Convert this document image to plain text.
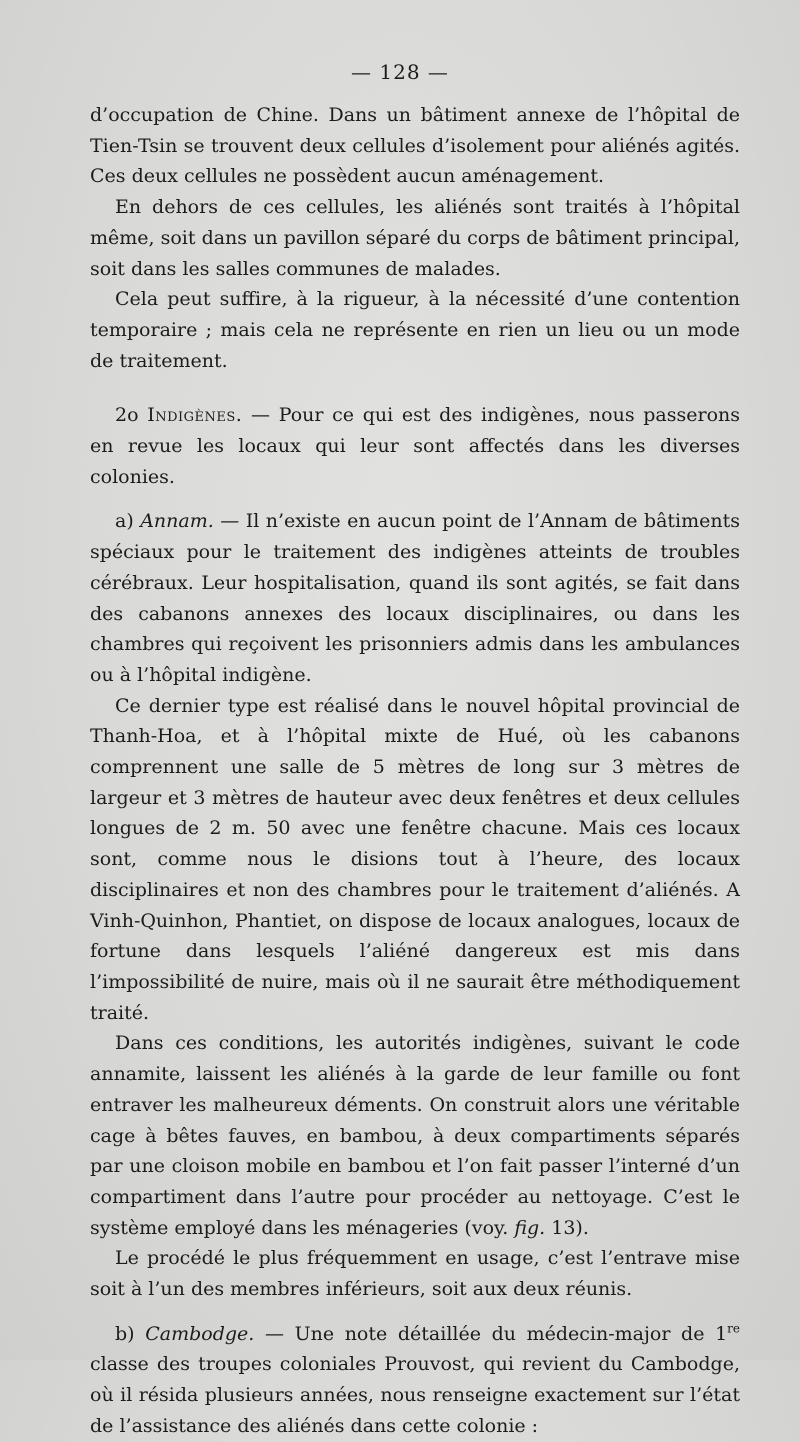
— 128 —

d’occupation de Chine. Dans un bâtiment annexe de l’hôpital de Tien-Tsin se trouvent deux cellules d’isolement pour aliénés agités. Ces deux cellules ne possèdent aucun aménagement.

En dehors de ces cellules, les aliénés sont traités à l’hôpital même, soit dans un pavillon séparé du corps de bâtiment principal, soit dans les salles communes de malades.

Cela peut suffire, à la rigueur, à la nécessité d’une contention temporaire ; mais cela ne représente en rien un lieu ou un mode de traitement.

2o Indigènes. — Pour ce qui est des indigènes, nous passerons en revue les locaux qui leur sont affectés dans les diverses colonies.

a) Annam. — Il n’existe en aucun point de l’Annam de bâtiments spéciaux pour le traitement des indigènes atteints de troubles cérébraux. Leur hospitalisation, quand ils sont agités, se fait dans des cabanons annexes des locaux disciplinaires, ou dans les chambres qui reçoivent les prisonniers admis dans les ambulances ou à l’hôpital indigène.

Ce dernier type est réalisé dans le nouvel hôpital provincial de Thanh-Hoa, et à l’hôpital mixte de Hué, où les cabanons comprennent une salle de 5 mètres de long sur 3 mètres de largeur et 3 mètres de hauteur avec deux fenêtres et deux cellules longues de 2 m. 50 avec une fenêtre chacune. Mais ces locaux sont, comme nous le disions tout à l’heure, des locaux disciplinaires et non des chambres pour le traitement d’aliénés. A Vinh-Quinhon, Phantiet, on dispose de locaux analogues, locaux de fortune dans lesquels l’aliéné dangereux est mis dans l’impossibilité de nuire, mais où il ne saurait être méthodiquement traité.

Dans ces conditions, les autorités indigènes, suivant le code annamite, laissent les aliénés à la garde de leur famille ou font entraver les malheureux déments. On construit alors une véritable cage à bêtes fauves, en bambou, à deux compartiments séparés par une cloison mobile en bambou et l’on fait passer l’interné d’un compartiment dans l’autre pour procéder au nettoyage. C’est le système employé dans les ménageries (voy. fig. 13).

Le procédé le plus fréquemment en usage, c’est l’entrave mise soit à l’un des membres inférieurs, soit aux deux réunis.

b) Cambodge. — Une note détaillée du médecin-major de 1re classe des troupes coloniales Prouvost, qui revient du Cambodge, où il résida plusieurs années, nous renseigne exactement sur l’état de l’assistance des aliénés dans cette colonie :
